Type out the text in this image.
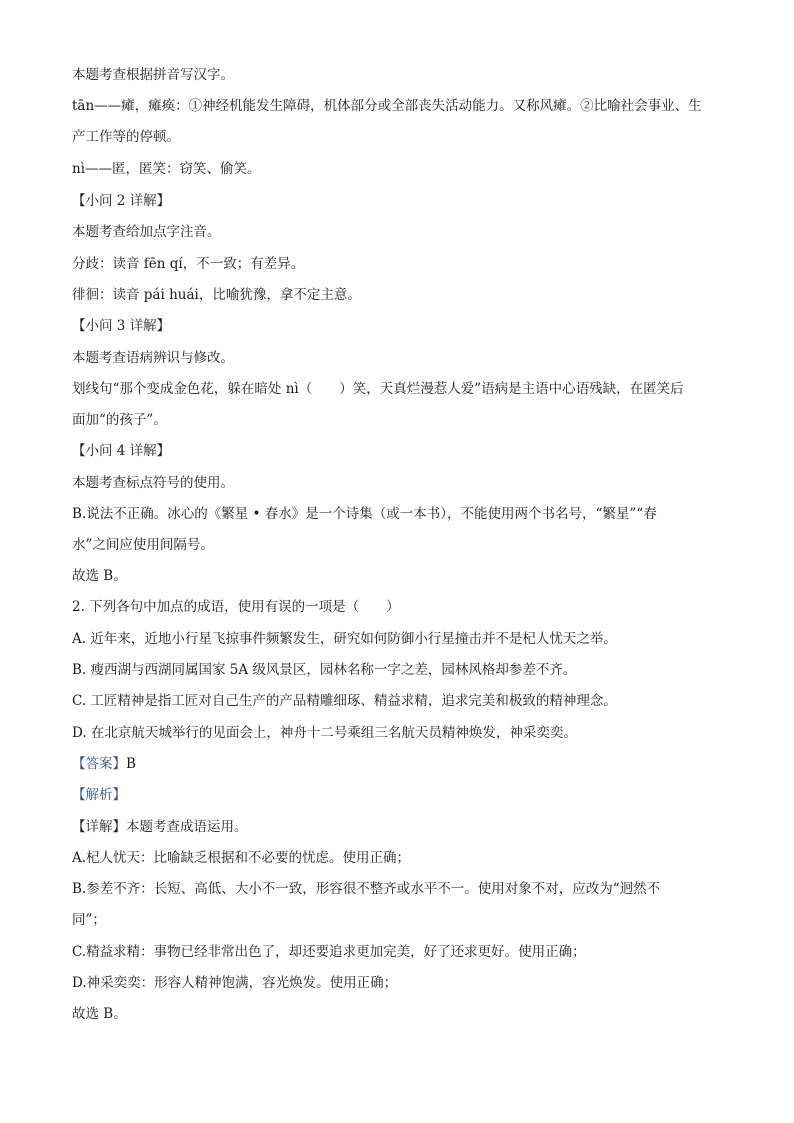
本题考查根据拼音写汉字。
tān——瘫，瘫痪：①神经机能发生障碍，机体部分或全部丧失活动能力。又称风瘫。②比喻社会事业、生
产工作等的停顿。
nì——匿，匿笑：窃笑、偷笑。
【小问 2 详解】
本题考查给加点字注音。
分歧：读音 fēn qí，不一致；有差异。
徘徊：读音 pái huái，比喻犹豫，拿不定主意。
【小问 3 详解】
本题考查语病辨识与修改。
划线句“那个变成金色花，躲在暗处 nì（　　）笑，天真烂漫惹人爱”语病是主语中心语残缺，在匿笑后
面加“的孩子”。
【小问 4 详解】
本题考查标点符号的使用。
B.说法不正确。冰心的《繁星 • 春水》是一个诗集（或一本书），不能使用两个书名号，“繁星”“春
水”之间应使用间隔号。
故选 B。
2. 下列各句中加点的成语，使用有误的一项是（　　）
A. 近年来，近地小行星飞掠事件频繁发生，研究如何防御小行星撞击并不是杞人忧天之举。
B. 瘦西湖与西湖同属国家 5A 级风景区，园林名称一字之差，园林风格却参差不齐。
C. 工匠精神是指工匠对自己生产的产品精雕细琢、精益求精，追求完美和极致的精神理念。
D. 在北京航天城举行的见面会上，神舟十二号乘组三名航天员精神焕发，神采奕奕。
【答案】B
【解析】
【详解】本题考查成语运用。
A.杞人忧天：比喻缺乏根据和不必要的忧虑。使用正确；
B.参差不齐：长短、高低、大小不一致，形容很不整齐或水平不一。使用对象不对，应改为“迥然不
同”；
C.精益求精：事物已经非常出色了，却还要追求更加完美，好了还求更好。使用正确；
D.神采奕奕：形容人精神饱满，容光焕发。使用正确；
故选 B。
